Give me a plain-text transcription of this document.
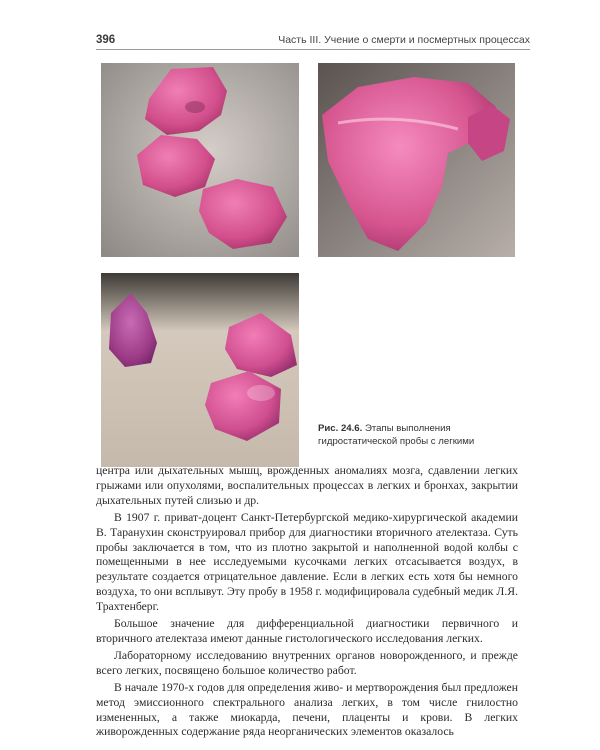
396	Часть III. Учение о смерти и посмертных процессах
Рис. 24.6. Этапы выполнения гидростатической пробы с легкими

центра или дыхательных мышц, врожденных аномалиях мозга, сдавлении легких грыжами или опухолями, воспалительных процессах в легких и бронхах, закрытии дыхательных путей слизью и др.

В 1907 г. приват-доцент Санкт-Петербургской медико-хирургической академии В. Таранухин сконструировал прибор для диагностики вторичного ателектаза. Суть пробы заключается в том, что из плотно закрытой и наполненной водой колбы с помещенными в нее исследуемыми кусочками легких отсасывается воздух, в результате создается отрицательное давление. Если в легких есть хотя бы немного воздуха, то они всплывут. Эту пробу в 1958 г. модифицировала судебный медик Л.Я. Трахтенберг.

Большое значение для дифференциальной диагностики первичного и вторичного ателектаза имеют данные гистологического исследования легких.

Лабораторному исследованию внутренних органов новорожденного, и прежде всего легких, посвящено большое количество работ.

В начале 1970-х годов для определения живо- и мертворождения был предложен метод эмиссионного спектрального анализа легких, в том числе гнилостно измененных, а также миокарда, печени, плаценты и крови. В легких живорожденных содержание ряда неорганических элементов оказалось
